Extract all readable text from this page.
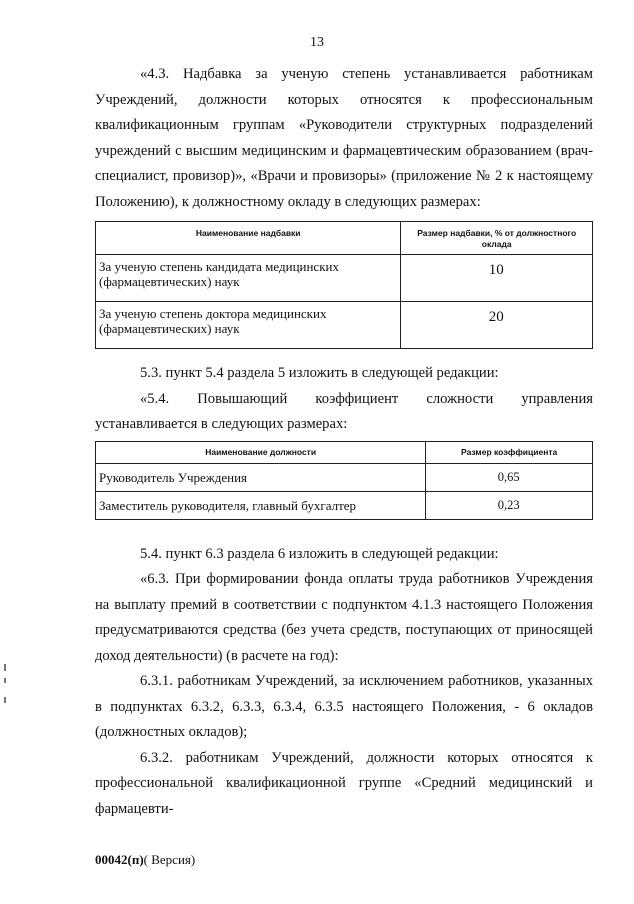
13

«4.3. Надбавка за ученую степень устанавливается работникам Учреждений, должности которых относятся к профессиональным квалификационным группам «Руководители структурных подразделений учреждений с высшим медицинским и фармацевтическим образованием (врач-специалист, провизор)», «Врачи и провизоры» (приложение № 2 к настоящему Положению), к должностному окладу в следующих размерах:

Наименование надбавки	Размер надбавки, % от должностного оклада
За ученую степень кандидата медицинских (фармацевтических) наук	10
За ученую степень доктора медицинских (фармацевтических) наук	20

5.3. пункт 5.4 раздела 5 изложить в следующей редакции:

«5.4. Повышающий коэффициент сложности управления устанавливается в следующих размерах:

Наименование должности	Размер коэффициента
Руководитель Учреждения	0,65
Заместитель руководителя, главный бухгалтер	0,23

5.4. пункт 6.3 раздела 6 изложить в следующей редакции:

«6.3. При формировании фонда оплаты труда работников Учреждения на выплату премий в соответствии с подпунктом 4.1.3 настоящего Положения предусматриваются средства (без учета средств, поступающих от приносящей доход деятельности) (в расчете на год):

6.3.1. работникам Учреждений, за исключением работников, указанных в подпунктах 6.3.2, 6.3.3, 6.3.4, 6.3.5 настоящего Положения, - 6 окладов (должностных окладов);

6.3.2. работникам Учреждений, должности которых относятся к профессиональной квалификационной группе «Средний медицинский и фармацевти-

00042(п)( Версия)
